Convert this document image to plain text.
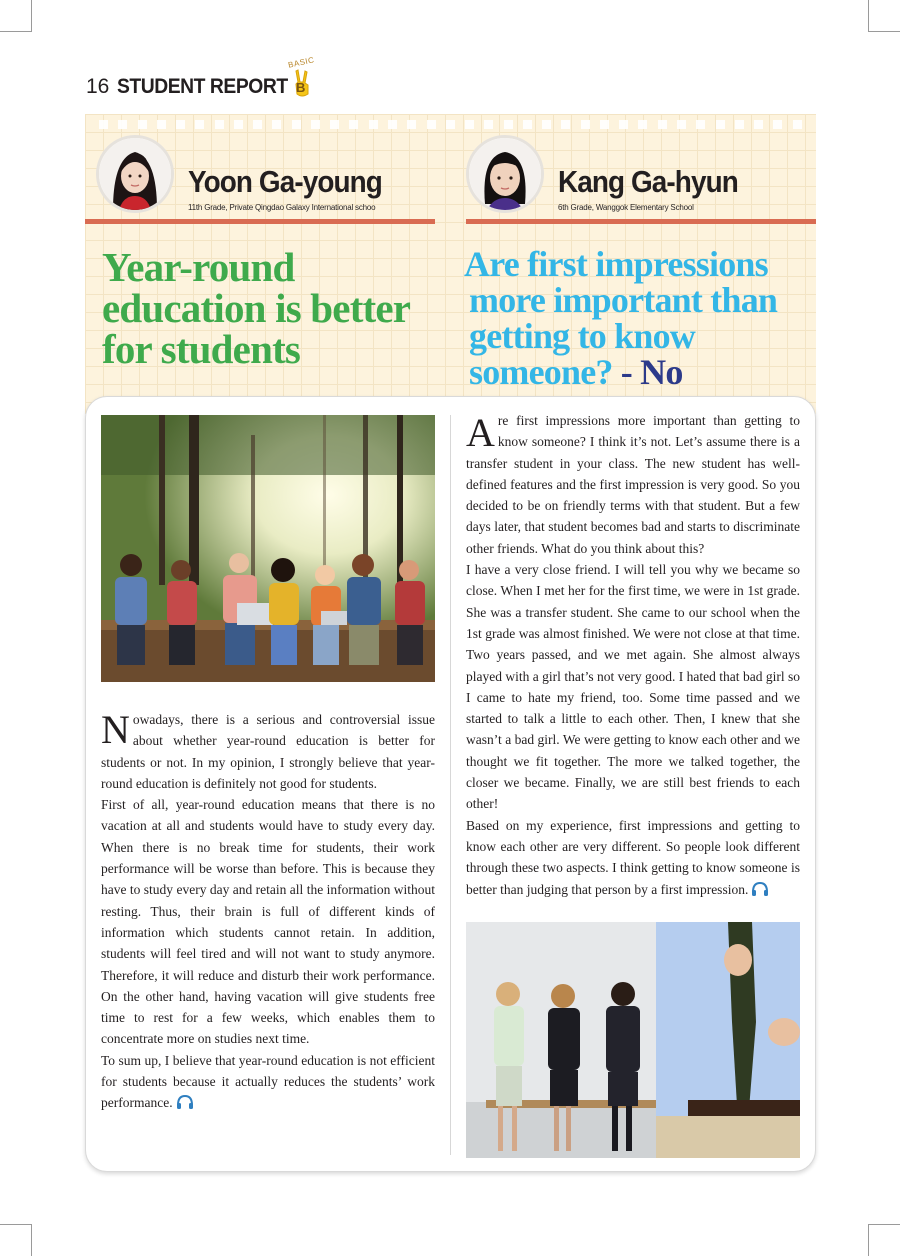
16 STUDENT REPORT
BASIC
B
Yoon Ga-young
11th Grade, Private Qingdao Galaxy International schoo
Kang Ga-hyun
6th Grade, Wanggok Elementary School
Year-round education is better for students
Are first impressions
more important than
getting to know
someone? - No

Nowadays, there is a serious and controversial issue about whether year-round education is better for students or not. In my opinion, I strongly believe that year-round education is definitely not good for students.

First of all, year-round education means that there is no vacation at all and students would have to study every day. When there is no break time for students, their work performance will be worse than before. This is because they have to study every day and retain all the information without resting. Thus, their brain is full of different kinds of information which students cannot retain. In addition, students will feel tired and will not want to study anymore. Therefore, it will reduce and disturb their work performance. On the other hand, having vacation will give students free time to rest for a few weeks, which enables them to concentrate more on studies next time.

To sum up, I believe that year-round education is not efficient for students because it actually reduces the students’ work performance.

Are first impressions more important than getting to know someone? I think it’s not. Let’s assume there is a transfer student in your class. The new student has well-defined features and the first impression is very good. So you decided to be on friendly terms with that student. But a few days later, that student becomes bad and starts to discriminate other friends. What do you think about this?

I have a very close friend. I will tell you why we became so close. When I met her for the first time, we were in 1st grade. She was a transfer student. She came to our school when the 1st grade was almost finished. We were not close at that time. Two years passed, and we met again. She almost always played with a girl that’s not very good. I hated that bad girl so I came to hate my friend, too. Some time passed and we started to talk a little to each other. Then, I knew that she wasn’t a bad girl. We were getting to know each other and we thought we fit together. The more we talked together, the closer we became. Finally, we are still best friends to each other!

Based on my experience, first impressions and getting to know each other are very different. So people look different through these two aspects. I think getting to know someone is better than judging that person by a first impression.
